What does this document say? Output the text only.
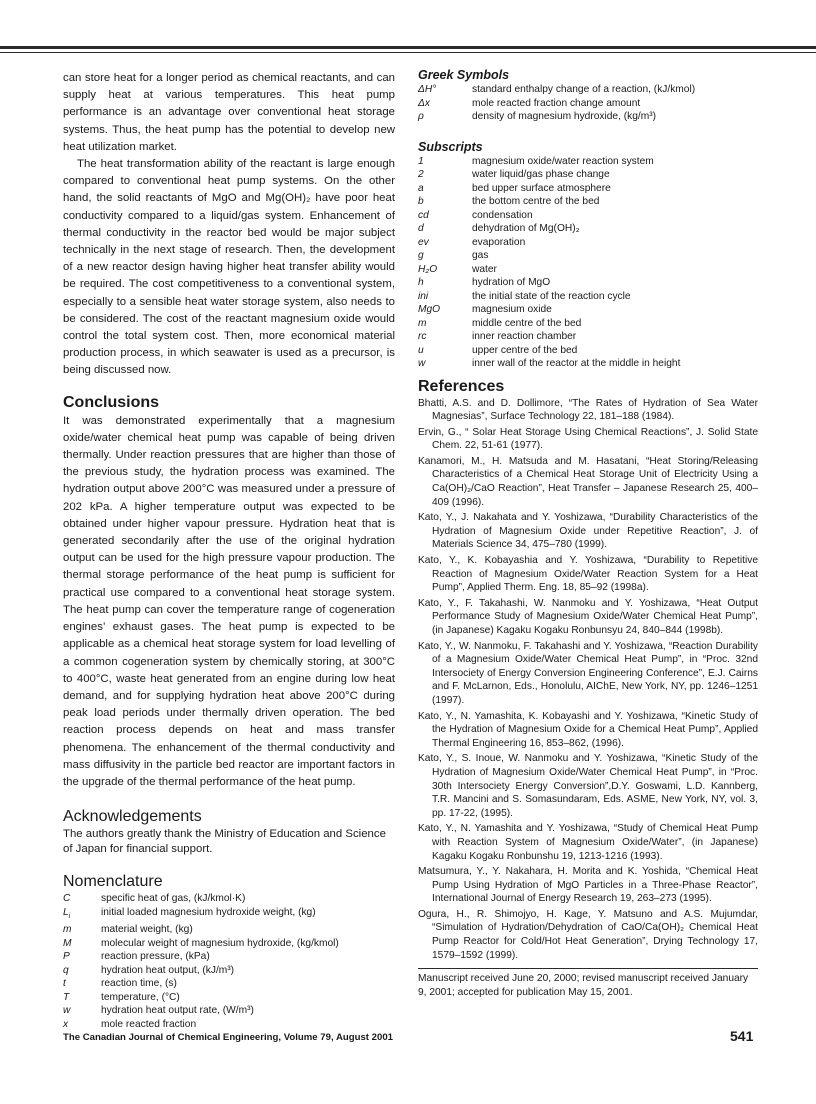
can store heat for a longer period as chemical reactants, and can supply heat at various temperatures. This heat pump performance is an advantage over conventional heat storage systems. Thus, the heat pump has the potential to develop new heat utilization market.

The heat transformation ability of the reactant is large enough compared to conventional heat pump systems. On the other hand, the solid reactants of MgO and Mg(OH)₂ have poor heat conductivity compared to a liquid/gas system. Enhancement of thermal conductivity in the reactor bed would be major subject technically in the next stage of research. Then, the development of a new reactor design having higher heat transfer ability would be required. The cost competitiveness to a conventional system, especially to a sensible heat water storage system, also needs to be considered. The cost of the reactant magnesium oxide would control the total system cost. Then, more economical material production process, in which seawater is used as a precursor, is being discussed now.

Conclusions

It was demonstrated experimentally that a magnesium oxide/water chemical heat pump was capable of being driven thermally. Under reaction pressures that are higher than those of the previous study, the hydration process was examined. The hydration output above 200°C was measured under a pressure of 202 kPa. A higher temperature output was expected to be obtained under higher vapour pressure. Hydration heat that is generated secondarily after the use of the original hydration output can be used for the high pressure vapour production. The thermal storage performance of the heat pump is sufficient for practical use compared to a conventional heat storage system. The heat pump can cover the temperature range of cogeneration engines’ exhaust gases. The heat pump is expected to be applicable as a chemical heat storage system for load levelling of a common cogeneration system by chemically storing, at 300°C to 400°C, waste heat generated from an engine during low heat demand, and for supplying hydration heat above 200°C during peak load periods under thermally driven operation. The bed reaction process depends on heat and mass transfer phenomena. The enhancement of the thermal conductivity and mass diffusivity in the particle bed reactor are important factors in the upgrade of the thermal performance of the heat pump.

Acknowledgements

The authors greatly thank the Ministry of Education and Science of Japan for financial support.

Nomenclature
C	specific heat of gas, (kJ/kmol·K)
$L_i$	initial loaded magnesium hydroxide weight, (kg)
m	material weight, (kg)
M	molecular weight of magnesium hydroxide, (kg/kmol)
P	reaction pressure, (kPa)
q	hydration heat output, (kJ/m³)
t	reaction time, (s)
T	temperature, (°C)
w	hydration heat output rate, (W/m³)
x	mole reacted fraction
Greek Symbols
ΔH°	standard enthalpy change of a reaction, (kJ/kmol)
Δx	mole reacted fraction change amount
ρ	density of magnesium hydroxide, (kg/m³)
Subscripts
1	magnesium oxide/water reaction system
2	water liquid/gas phase change
a	bed upper surface atmosphere
b	the bottom centre of the bed
cd	condensation
d	dehydration of Mg(OH)₂
ev	evaporation
g	gas
H₂O	water
h	hydration of MgO
ini	the initial state of the reaction cycle
MgO	magnesium oxide
m	middle centre of the bed
rc	inner reaction chamber
u	upper centre of the bed
w	inner wall of the reactor at the middle in height
References
Bhatti, A.S. and D. Dollimore, “The Rates of Hydration of Sea Water Magnesias”, Surface Technology 22, 181–188 (1984).
Ervin, G., “ Solar Heat Storage Using Chemical Reactions”, J. Solid State Chem. 22, 51-61 (1977).
Kanamori, M., H. Matsuda and M. Hasatani, “Heat Storing/Releasing Characteristics of a Chemical Heat Storage Unit of Electricity Using a Ca(OH)₂/CaO Reaction”, Heat Transfer – Japanese Research 25, 400–409 (1996).
Kato, Y., J. Nakahata and Y. Yoshizawa, “Durability Characteristics of the Hydration of Magnesium Oxide under Repetitive Reaction”, J. of Materials Science 34, 475–780 (1999).
Kato, Y., K. Kobayashia and Y. Yoshizawa, “Durability to Repetitive Reaction of Magnesium Oxide/Water Reaction System for a Heat Pump”, Applied Therm. Eng. 18, 85–92 (1998a).
Kato, Y., F. Takahashi, W. Nanmoku and Y. Yoshizawa, “Heat Output Performance Study of Magnesium Oxide/Water Chemical Heat Pump”, (in Japanese) Kagaku Kogaku Ronbunsyu 24, 840–844 (1998b).
Kato, Y., W. Nanmoku, F. Takahashi and Y. Yoshizawa, “Reaction Durability of a Magnesium Oxide/Water Chemical Heat Pump”, in “Proc. 32nd Intersociety of Energy Conversion Engineering Conference”, E.J. Cairns and F. McLarnon, Eds., Honolulu, AIChE, New York, NY, pp. 1246–1251 (1997).
Kato, Y., N. Yamashita, K. Kobayashi and Y. Yoshizawa, “Kinetic Study of the Hydration of Magnesium Oxide for a Chemical Heat Pump”, Applied Thermal Engineering 16, 853–862, (1996).
Kato, Y., S. Inoue, W. Nanmoku and Y. Yoshizawa, “Kinetic Study of the Hydration of Magnesium Oxide/Water Chemical Heat Pump”, in “Proc. 30th Intersociety Energy Conversion”,D.Y. Goswami, L.D. Kannberg, T.R. Mancini and S. Somasundaram, Eds. ASME, New York, NY, vol. 3, pp. 17-22, (1995).
Kato, Y., N. Yamashita and Y. Yoshizawa, “Study of Chemical Heat Pump with Reaction System of Magnesium Oxide/Water”, (in Japanese) Kagaku Kogaku Ronbunshu 19, 1213-1216 (1993).
Matsumura, Y., Y. Nakahara, H. Morita and K. Yoshida, “Chemical Heat Pump Using Hydration of MgO Particles in a Three-Phase Reactor”, International Journal of Energy Research 19, 263–273 (1995).
Ogura, H., R. Shimojyo, H. Kage, Y. Matsuno and A.S. Mujumdar, “Simulation of Hydration/Dehydration of CaO/Ca(OH)₂ Chemical Heat Pump Reactor for Cold/Hot Heat Generation”, Drying Technology 17, 1579–1592 (1999).
Manuscript received June 20, 2000; revised manuscript received January 9, 2001; accepted for publication May 15, 2001.
The Canadian Journal of Chemical Engineering, Volume 79, August 2001	541
